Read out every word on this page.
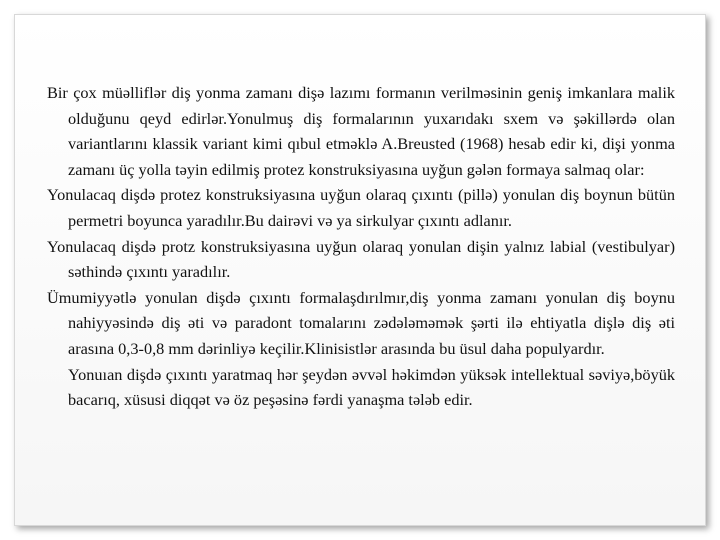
Bir çox müəlliflər diş yonma zamanı dişə lazımı formanın verilməsinin geniş imkanlara malik olduğunu qeyd edirlər.Yonulmuş diş formalarının yuxarıdakı sxem və şəkillərdə olan variantlarını klassik variant kimi qıbul etməklə A.Breusted (1968) hesab edir ki, dişi yonma zamanı üç yolla təyin edilmiş protez konstruksiyasına uyğun gələn formaya salmaq olar:

Yonulacaq dişdə protez konstruksiyasına uyğun olaraq çıxıntı (pillə) yonulan diş boynun bütün permetri boyunca yaradılır.Bu dairəvi və ya sirkulyar çıxıntı adlanır.

Yonulacaq dişdə protz konstruksiyasına uyğun olaraq yonulan dişin yalnız labial (vestibulyar) səthində çıxıntı yaradılır.

Ümumiyyətlə yonulan dişdə çıxıntı formalaşdırılmır,diş yonma zamanı yonulan diş boynu nahiyyəsində diş əti və paradont tomalarını zədələməmək şərti ilə ehtiyatla dişlə diş əti arasına 0,3-0,8 mm dərinliyə keçilir.Klinisistlər arasında bu üsul daha populyardır.

Yonuıan dişdə çıxıntı yaratmaq hər şeydən əvvəl həkimdən yüksək intellektual səviyə,böyük bacarıq, xüsusi diqqət və öz peşəsinə fərdi yanaşma tələb edir.
